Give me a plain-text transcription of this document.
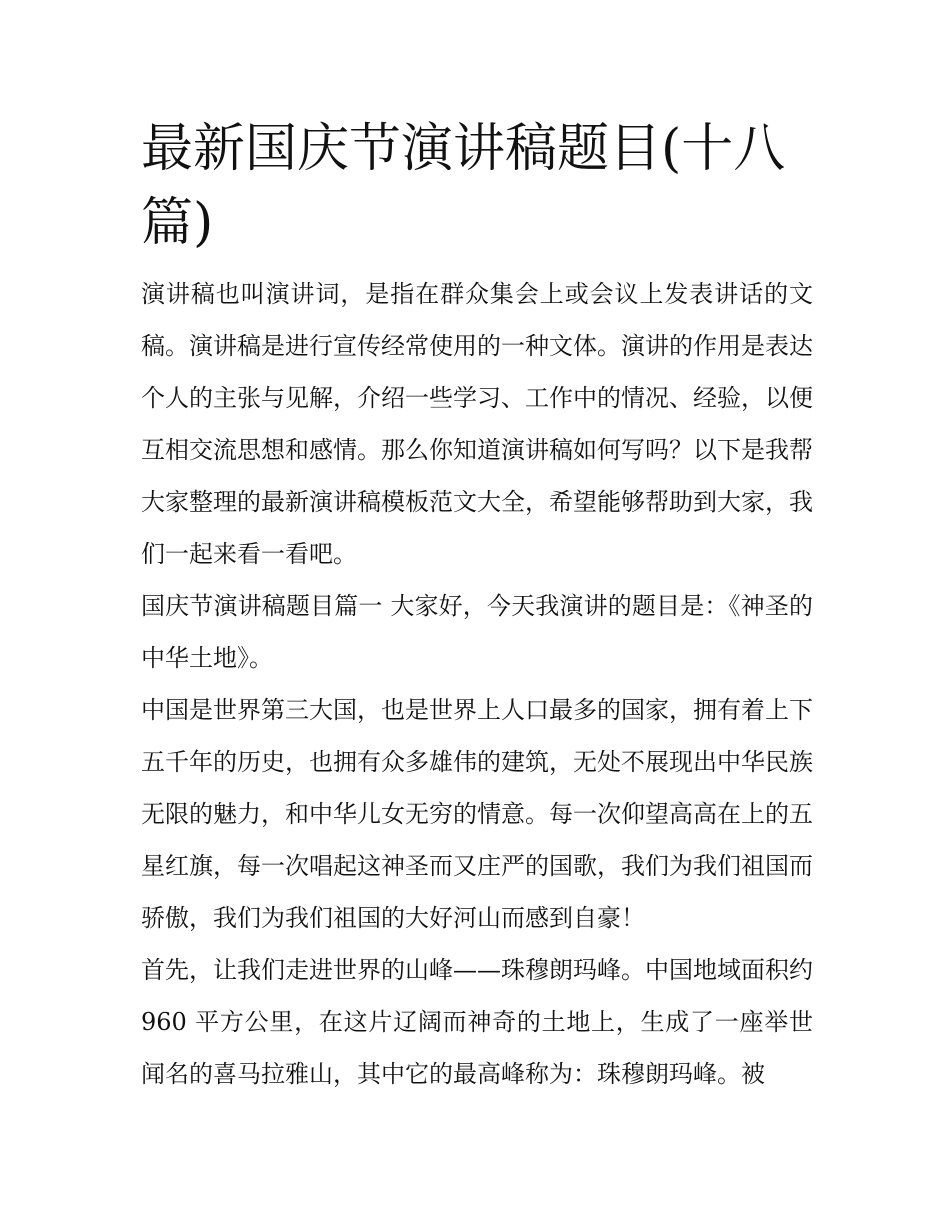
最新国庆节演讲稿题目(十八篇)

演讲稿也叫演讲词，是指在群众集会上或会议上发表讲话的文稿。演讲稿是进行宣传经常使用的一种文体。演讲的作用是表达个人的主张与见解，介绍一些学习、工作中的情况、经验，以便互相交流思想和感情。那么你知道演讲稿如何写吗？以下是我帮大家整理的最新演讲稿模板范文大全，希望能够帮助到大家，我们一起来看一看吧。

国庆节演讲稿题目篇一 大家好，今天我演讲的题目是：《神圣的中华土地》。

中国是世界第三大国，也是世界上人口最多的国家，拥有着上下五千年的历史，也拥有众多雄伟的建筑，无处不展现出中华民族无限的魅力，和中华儿女无穷的情意。每一次仰望高高在上的五星红旗，每一次唱起这神圣而又庄严的国歌，我们为我们祖国而骄傲，我们为我们祖国的大好河山而感到自豪！

首先，让我们走进世界的山峰——珠穆朗玛峰。中国地域面积约 960 平方公里，在这片辽阔而神奇的土地上，生成了一座举世闻名的喜马拉雅山，其中它的最高峰称为：珠穆朗玛峰。被
